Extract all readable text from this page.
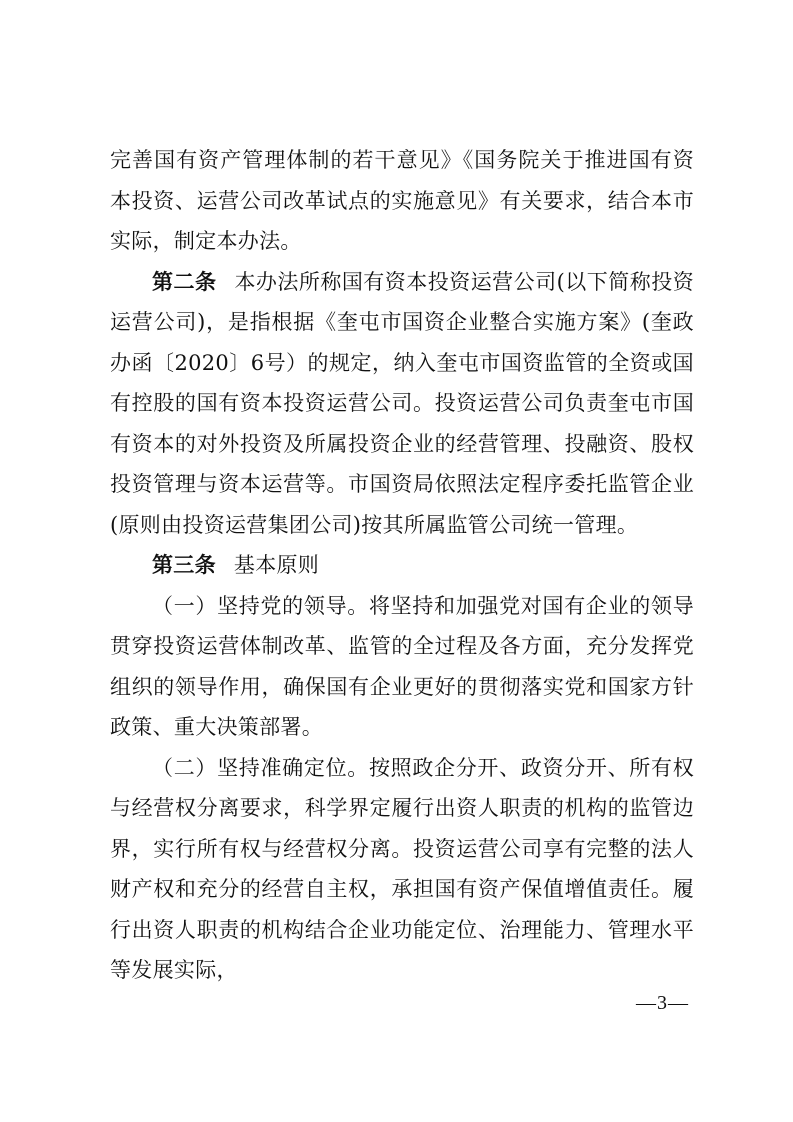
完善国有资产管理体制的若干意见》《国务院关于推进国有资本投资、运营公司改革试点的实施意见》有关要求，结合本市实际，制定本办法。

第二条 本办法所称国有资本投资运营公司(以下简称投资运营公司)，是指根据《奎屯市国资企业整合实施方案》(奎政办函〔2020〕6号）的规定，纳入奎屯市国资监管的全资或国有控股的国有资本投资运营公司。投资运营公司负责奎屯市国有资本的对外投资及所属投资企业的经营管理、投融资、股权投资管理与资本运营等。市国资局依照法定程序委托监管企业(原则由投资运营集团公司)按其所属监管公司统一管理。

第三条 基本原则

（一）坚持党的领导。将坚持和加强党对国有企业的领导贯穿投资运营体制改革、监管的全过程及各方面，充分发挥党组织的领导作用，确保国有企业更好的贯彻落实党和国家方针政策、重大决策部署。

（二）坚持准确定位。按照政企分开、政资分开、所有权与经营权分离要求，科学界定履行出资人职责的机构的监管边界，实行所有权与经营权分离。投资运营公司享有完整的法人财产权和充分的经营自主权，承担国有资产保值增值责任。履行出资人职责的机构结合企业功能定位、治理能力、管理水平等发展实际，

—3—
